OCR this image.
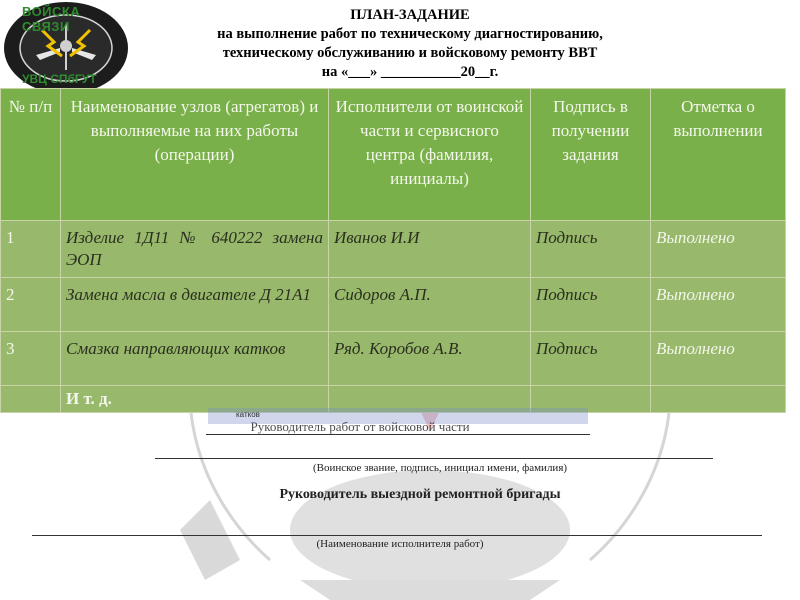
ВОЙСКА СВЯЗИ
УВЦ СПбГУТ
ПЛАН-ЗАДАНИЕ
на выполнение работ по техническому диагностированию,
техническому обслуживанию и войсковому ремонту ВВТ
на «___» ___________20__г.
№ п/п	Наименование узлов (агрегатов) и выполняемые на них работы (операции)	Исполнители от воинской части и сервисного центра (фамилия, инициалы)	Подпись в получении задания	Отметка о выполнении
1	Изделие 1Д11 № 640222 замена ЭОП	Иванов И.И	Подпись	Выполнено
2	Замена масла в двигателе Д 21А1	Сидоров А.П.	Подпись	Выполнено
3	Смазка направляющих катков	Ряд. Коробов А.В.	Подпись	Выполнено
	И т. д.			
катков
Руководитель работ от войсковой части
(Воинское звание, подпись, инициал имени, фамилия)
Руководитель выездной ремонтной бригады
(Наименование исполнителя работ)
